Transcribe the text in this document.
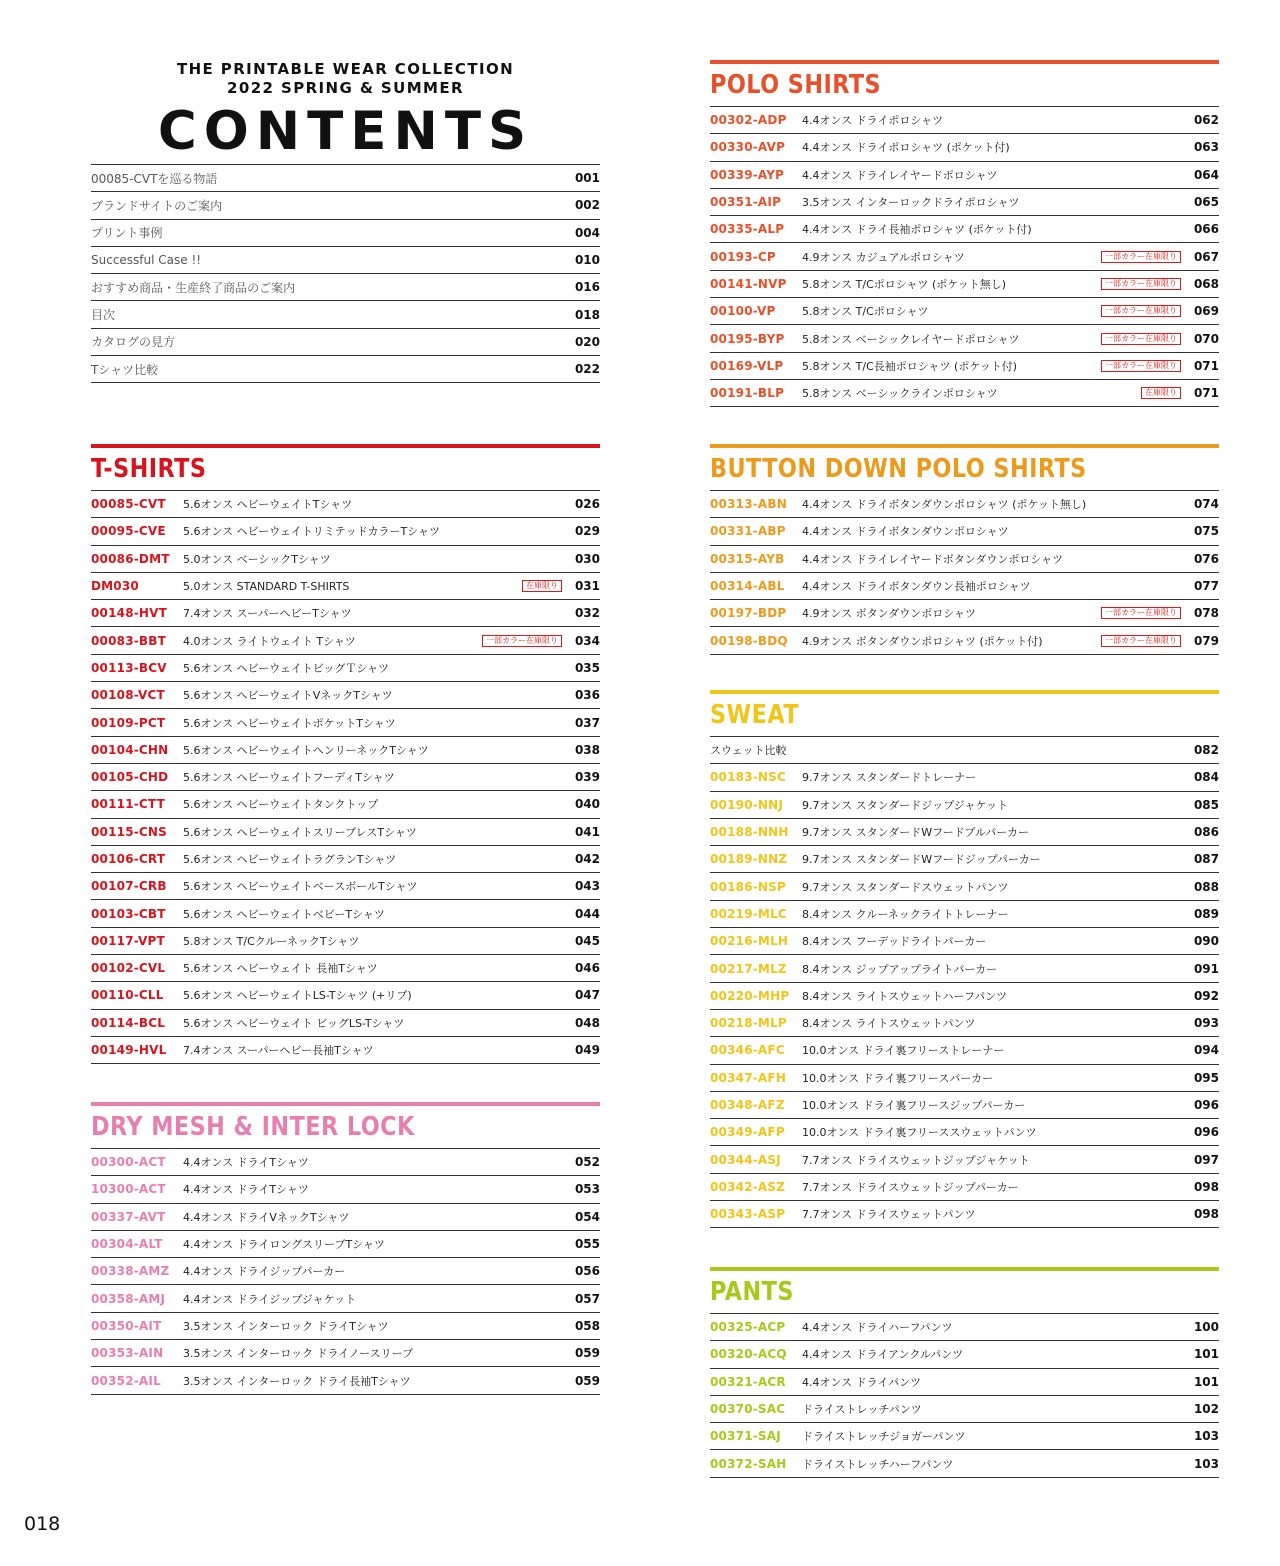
THE PRINTABLE WEAR COLLECTION
2022 SPRING & SUMMER
CONTENTS
00085-CVTを巡る物語	001
ブランドサイトのご案内	002
プリント事例	004
Successful Case !!	010
おすすめ商品・生産終了商品のご案内	016
目次	018
カタログの見方	020
Tシャツ比較	022
T-SHIRTS
00085-CVT	5.6オンス ヘビーウェイトTシャツ	026
00095-CVE	5.6オンス ヘビーウェイトリミテッドカラーTシャツ	029
00086-DMT	5.0オンス ベーシックTシャツ	030
DM030	5.0オンス STANDARD T-SHIRTS	在庫限り	031
00148-HVT	7.4オンス スーパーヘビーTシャツ	032
00083-BBT	4.0オンス ライトウェイト Tシャツ	一部カラー在庫限り	034
00113-BCV	5.6オンス ヘビーウェイトビッグＴシャツ	035
00108-VCT	5.6オンス ヘビーウェイトVネックTシャツ	036
00109-PCT	5.6オンス ヘビーウェイトポケットTシャツ	037
00104-CHN	5.6オンス ヘビーウェイトヘンリーネックTシャツ	038
00105-CHD	5.6オンス ヘビーウェイトフーディTシャツ	039
00111-CTT	5.6オンス ヘビーウェイトタンクトップ	040
00115-CNS	5.6オンス ヘビーウェイトスリーブレスTシャツ	041
00106-CRT	5.6オンス ヘビーウェイトラグランTシャツ	042
00107-CRB	5.6オンス ヘビーウェイトベースボールTシャツ	043
00103-CBT	5.6オンス ヘビーウェイトベビーTシャツ	044
00117-VPT	5.8オンス T/CクルーネックTシャツ	045
00102-CVL	5.6オンス ヘビーウェイト 長袖Tシャツ	046
00110-CLL	5.6オンス ヘビーウェイトLS-Tシャツ (+リブ)	047
00114-BCL	5.6オンス ヘビーウェイト ビッグLS-Tシャツ	048
00149-HVL	7.4オンス スーパーヘビー長袖Tシャツ	049
DRY MESH & INTER LOCK
00300-ACT	4.4オンス ドライTシャツ	052
10300-ACT	4.4オンス ドライTシャツ	053
00337-AVT	4.4オンス ドライVネックTシャツ	054
00304-ALT	4.4オンス ドライロングスリーブTシャツ	055
00338-AMZ	4.4オンス ドライジップパーカー	056
00358-AMJ	4.4オンス ドライジップジャケット	057
00350-AIT	3.5オンス インターロック ドライTシャツ	058
00353-AIN	3.5オンス インターロック ドライノースリーブ	059
00352-AIL	3.5オンス インターロック ドライ長袖Tシャツ	059
POLO SHIRTS
00302-ADP	4.4オンス ドライポロシャツ	062
00330-AVP	4.4オンス ドライポロシャツ (ポケット付)	063
00339-AYP	4.4オンス ドライレイヤードポロシャツ	064
00351-AIP	3.5オンス インターロックドライポロシャツ	065
00335-ALP	4.4オンス ドライ長袖ポロシャツ (ポケット付)	066
00193-CP	4.9オンス カジュアルポロシャツ	一部カラー在庫限り	067
00141-NVP	5.8オンス T/Cポロシャツ (ポケット無し)	一部カラー在庫限り	068
00100-VP	5.8オンス T/Cポロシャツ	一部カラー在庫限り	069
00195-BYP	5.8オンス ベーシックレイヤードポロシャツ	一部カラー在庫限り	070
00169-VLP	5.8オンス T/C長袖ポロシャツ (ポケット付)	一部カラー在庫限り	071
00191-BLP	5.8オンス ベーシックラインポロシャツ	在庫限り	071
BUTTON DOWN POLO SHIRTS
00313-ABN	4.4オンス ドライボタンダウンポロシャツ (ポケット無し)	074
00331-ABP	4.4オンス ドライボタンダウンポロシャツ	075
00315-AYB	4.4オンス ドライレイヤードボタンダウンポロシャツ	076
00314-ABL	4.4オンス ドライボタンダウン長袖ポロシャツ	077
00197-BDP	4.9オンス ボタンダウンポロシャツ	一部カラー在庫限り	078
00198-BDQ	4.9オンス ボタンダウンポロシャツ (ポケット付)	一部カラー在庫限り	079
SWEAT
スウェット比較	082
00183-NSC	9.7オンス スタンダードトレーナー	084
00190-NNJ	9.7オンス スタンダードジップジャケット	085
00188-NNH	9.7オンス スタンダードWフードプルパーカー	086
00189-NNZ	9.7オンス スタンダードWフードジップパーカー	087
00186-NSP	9.7オンス スタンダードスウェットパンツ	088
00219-MLC	8.4オンス クルーネックライトトレーナー	089
00216-MLH	8.4オンス フーデッドライトパーカー	090
00217-MLZ	8.4オンス ジップアップライトパーカー	091
00220-MHP	8.4オンス ライトスウェットハーフパンツ	092
00218-MLP	8.4オンス ライトスウェットパンツ	093
00346-AFC	10.0オンス ドライ裏フリーストレーナー	094
00347-AFH	10.0オンス ドライ裏フリースパーカー	095
00348-AFZ	10.0オンス ドライ裏フリースジップパーカー	096
00349-AFP	10.0オンス ドライ裏フリーススウェットパンツ	096
00344-ASJ	7.7オンス ドライスウェットジップジャケット	097
00342-ASZ	7.7オンス ドライスウェットジップパーカー	098
00343-ASP	7.7オンス ドライスウェットパンツ	098
PANTS
00325-ACP	4.4オンス ドライハーフパンツ	100
00320-ACQ	4.4オンス ドライアンクルパンツ	101
00321-ACR	4.4オンス ドライパンツ	101
00370-SAC	ドライストレッチパンツ	102
00371-SAJ	ドライストレッチジョガーパンツ	103
00372-SAH	ドライストレッチハーフパンツ	103
018
